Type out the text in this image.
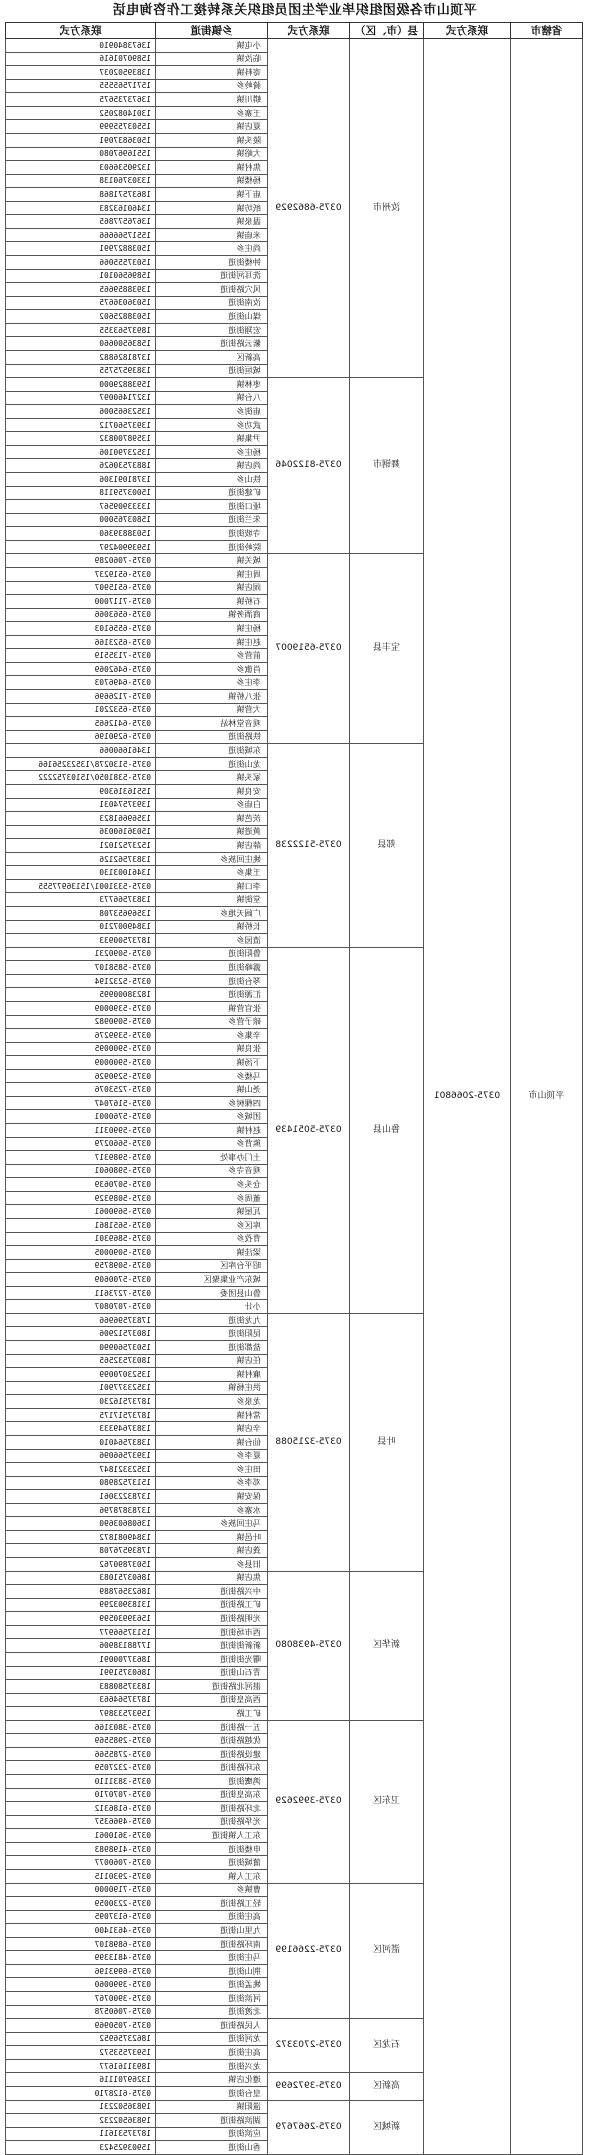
平顶山市各级团组织毕业学生团员组织关系转接工作咨询电话
省辖市	联系方式	县（市、区）	联系方式	乡镇街道	联系方式
平顶山市	0375-2066801	汝州市	0375-6862929	小屯镇	13673840910
				临汝镇	15890701616
				寄料镇	13839502037
				骑岭乡	15717565555
				蟒川镇	13673735675
				王寨乡	13014082052
				夏店镇	15503755999
				陵头镇	15036837091
				大峪镇	15516967080
				焦村镇	13290536603
				杨楼镇	13303760138
				庙下镇	18637571868
				纸坊镇	13460163283
				温泉镇	13676577865
				米庙镇	15517566666
				尚庄乡	15038827991
				钟楼街道	15037555066
				洗耳河街道	15896560101
				风穴路街道	13938859665
				汝南街道	15036036675
				煤山街道	15038825602
				宏翔街道	18937563355
				紫云路街道	15836500660
				高新区	13781826882
				城垣街道	13839575755
		舞钢市	0375-8122046	枣林镇	15938829000
				八台镇	13271460097
				庙街乡	13523665006
				武功乡	13937560712
				尹集镇	13598700832
				杨庄乡	13523790106
				尚店镇	18837530626
				铁山乡	13781091306
				矿建街道	15003759118
				垭口街道	13333909567
				朱兰街道	15803765000
				寺坡街道	15038839360
				院岭街道	15939904297
		宝丰县	0375-6519007	城关镇	0375-7060289
				周庄镇	0375-6519237
				闹店镇	0375-6515907
				石桥镇	0375-7117000
				商酒务镇	0375-6563066
				杨庄镇	0375-6556103
				赵庄镇	0375-6523166
				前营乡	0375-7135519
				肖旗乡	0375-6462069
				李庄乡	0375-6496703
				张八桥镇	0375-7126696
				大营镇	0375-6532201
				观音堂林站	0375-6412665
				铁路街道	0375-6290196
		郏县	0375-5122238	东城街道	13461660066
				龙山街道	0375-5130278/13523256166
				冢头镇	0375-5381050/15103752222
				安良镇	15516316309
				白庙乡	13937574031
				茨芭镇	13569661823
				黄道镇	15036160036
				薛店镇	15237521021
				姚庄回族乡	13837562126
				王集乡	13461003130
				李口镇	0375-5331001/15136977555
				堂街镇	13837566773
				广阔天地乡	13569653708
				长桥镇	13849007210
				渣园乡	18737500933
		鲁山县	0375-5051439	鲁阳街道	0375-5090231
				露峰街道	0375-5858107
				琴台街道	0375-5232194
				汇源街道	18238000995
				张官营镇	0375-5390009
				磙子营乡	0375-5090982
				辛集乡	0375-5399276
				张良镇	0375-5900095
				下汤镇	0375-5900009
				马楼乡	0375-5290926
				尧山镇	0375-7253076
				四棵树乡	0375-5167047
				团城乡	0375-5760001
				赵村镇	0375-5990311
				熊背乡	0375-5660279
				土门办事处	0375-5989317
				观音寺乡	0375-5980601
				仓头乡	0375-5070639
				董周乡	0375-5089329
				瓦屋镇	0375-5690061
				库区乡	0375-5651861
				背孜乡	0375-5869301
				梁洼镇	0375-5090005
				昭平台库区	0375-5098759
				城东产业集聚区	0375-5700609
				鲁山县团委	0375-7273611
				小计	0375-7070807
		叶县	0375-3215088	九龙街道	17837596966
				昆阳街道	18037512906
				盐都街道	15037560990
				任店镇	18037532565
				廉村镇	13523070099
				洪庄杨镇	13523377901
				龙泉乡	18737516230
				常村镇	18737517175
				辛店镇	13837649333
				仙台镇	13837564010
				夏李乡	13937566096
				田庄乡	13523321847
				邓李乡	15137528980
				保安镇	13783223061
				水寨乡	13783878796
				马庄回族乡	13608603690
				叶邑镇	13849081872
				龚店镇	17839576708
				旧县乡	15037890762
		新华区	0375-4938080	焦店镇	18603751083
				中兴路街道	18623567889
				矿工路街道	13183903299
				光明路街道	15639930599
				西市场街道	15137566977
				新新街街道	17788138906
				曙光街街道	18637700091
				青石山街道	18603751991
				湛河北路街道	18337580883
				西高皇街道	18737564663
				矿工路	15937533897
		卫东区	0375-3992629	五一路街道	0375-3803166
				优越路街道	0375-2985569
				建设路街道	0375-2785566
				东环路街道	0375-2327059
				鸿鹰街道	0375-3831110
				东高皇街道	0375-7070710
				北环路街道	0375-6186312
				光华路街道	0375-4966357
				东工人镇街道	0375-3610061
				申楼街道	0375-4198983
				蒲城街道	0375-7060077
				东工人镇	0375-2930115
		湛河区	0375-2266199	曹镇乡	0375-7190000
				轻工路街道	0375-2230059
				高庄街道	0375-6137095
				九里山街道	0375-4631400
				南环路街道	0375-6898107
				马庄街道	0375-4813399
				荆山街道	0375-6993196
				姚孟街道	0375-3990060
				河滨街道	0375-3900767
				北渡街道	0375-7060578
		石龙区	0375-2703372	人民路街道	0375-7050969
				龙河街道	18623756952
				高庄街道	15937553572
				龙兴街道	18931161677
		高新区	0375-3972699	遵化店镇	13269701116
				皇台街道	0375-6128710
		新城区	0375-2667679	滍阳镇	19836502231
				湖滨路街道	19836502232
				应滨街道	18737531611
				香山街道	15903925423
